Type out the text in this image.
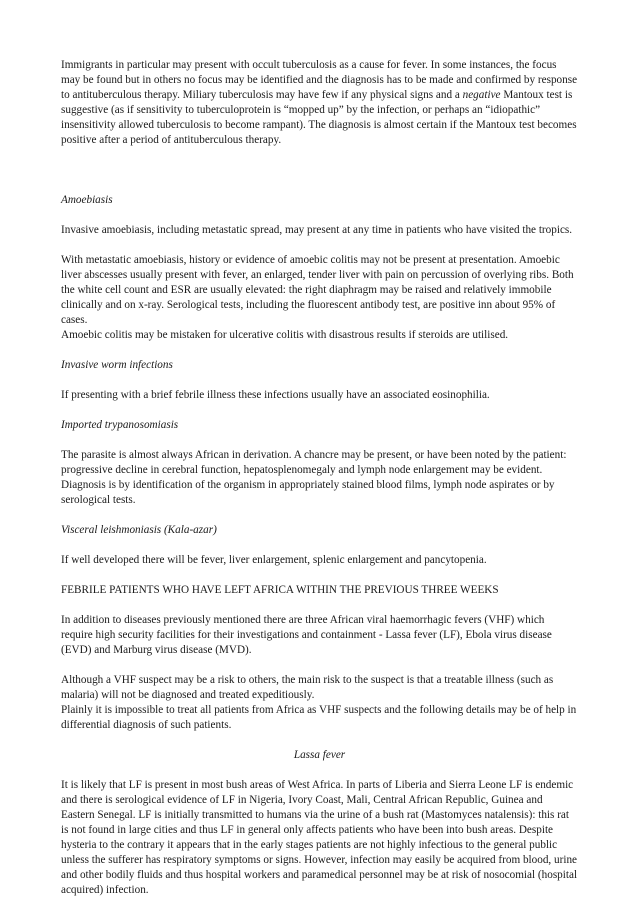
Immigrants in particular may present with occult tuberculosis as a cause for fever. In some instances, the focus may be found but in others no focus may be identified and the diagnosis has to be made and confirmed by response to antituberculous therapy. Miliary tuberculosis may have few if any physical signs and a negative Mantoux test is suggestive (as if sensitivity to tuberculoprotein is “mopped up” by the infection, or perhaps an “idiopathic” insensitivity allowed tuberculosis to become rampant). The diagnosis is almost certain if the Mantoux test becomes positive after a period of antituberculous therapy.

Amoebiasis

Invasive amoebiasis, including metastatic spread, may present at any time in patients who have visited the tropics.

With metastatic amoebiasis, history or evidence of amoebic colitis may not be present at presentation. Amoebic liver abscesses usually present with fever, an enlarged, tender liver with pain on percussion of overlying ribs. Both the white cell count and ESR are usually elevated: the right diaphragm may be raised and relatively immobile clinically and on x-ray. Serological tests, including the fluorescent antibody test, are positive inn about 95% of cases.

Amoebic colitis may be mistaken for ulcerative colitis with disastrous results if steroids are utilised.

Invasive worm infections

If presenting with a brief febrile illness these infections usually have an associated eosinophilia.

Imported trypanosomiasis

The parasite is almost always African in derivation. A chancre may be present, or have been noted by the patient: progressive decline in cerebral function, hepatosplenomegaly and lymph node enlargement may be evident. Diagnosis is by identification of the organism in appropriately stained blood films, lymph node aspirates or by serological tests.

Visceral leishmoniasis (Kala-azar)

If well developed there will be fever, liver enlargement, splenic enlargement and pancytopenia.

FEBRILE PATIENTS WHO HAVE LEFT AFRICA WITHIN THE PREVIOUS THREE WEEKS

In addition to diseases previously mentioned there are three African viral haemorrhagic fevers (VHF) which require high security facilities for their investigations and containment - Lassa fever (LF), Ebola virus disease (EVD) and Marburg virus disease (MVD).

Although a VHF suspect may be a risk to others, the main risk to the suspect is that a treatable illness (such as malaria) will not be diagnosed and treated expeditiously.

Plainly it is impossible to treat all patients from Africa as VHF suspects and the following details may be of help in differential diagnosis of such patients.

Lassa fever

It is likely that LF is present in most bush areas of West Africa. In parts of Liberia and Sierra Leone LF is endemic and there is serological evidence of LF in Nigeria, Ivory Coast, Mali, Central African Republic, Guinea and Eastern Senegal. LF is initially transmitted to humans via the urine of a bush rat (Mastomyces natalensis): this rat is not found in large cities and thus LF in general only affects patients who have been into bush areas. Despite hysteria to the contrary it appears that in the early stages patients are not highly infectious to the general public unless the sufferer has respiratory symptoms or signs. However, infection may easily be acquired from blood, urine and other bodily fluids and thus hospital workers and paramedical personnel may be at risk of nosocomial (hospital acquired) infection.
